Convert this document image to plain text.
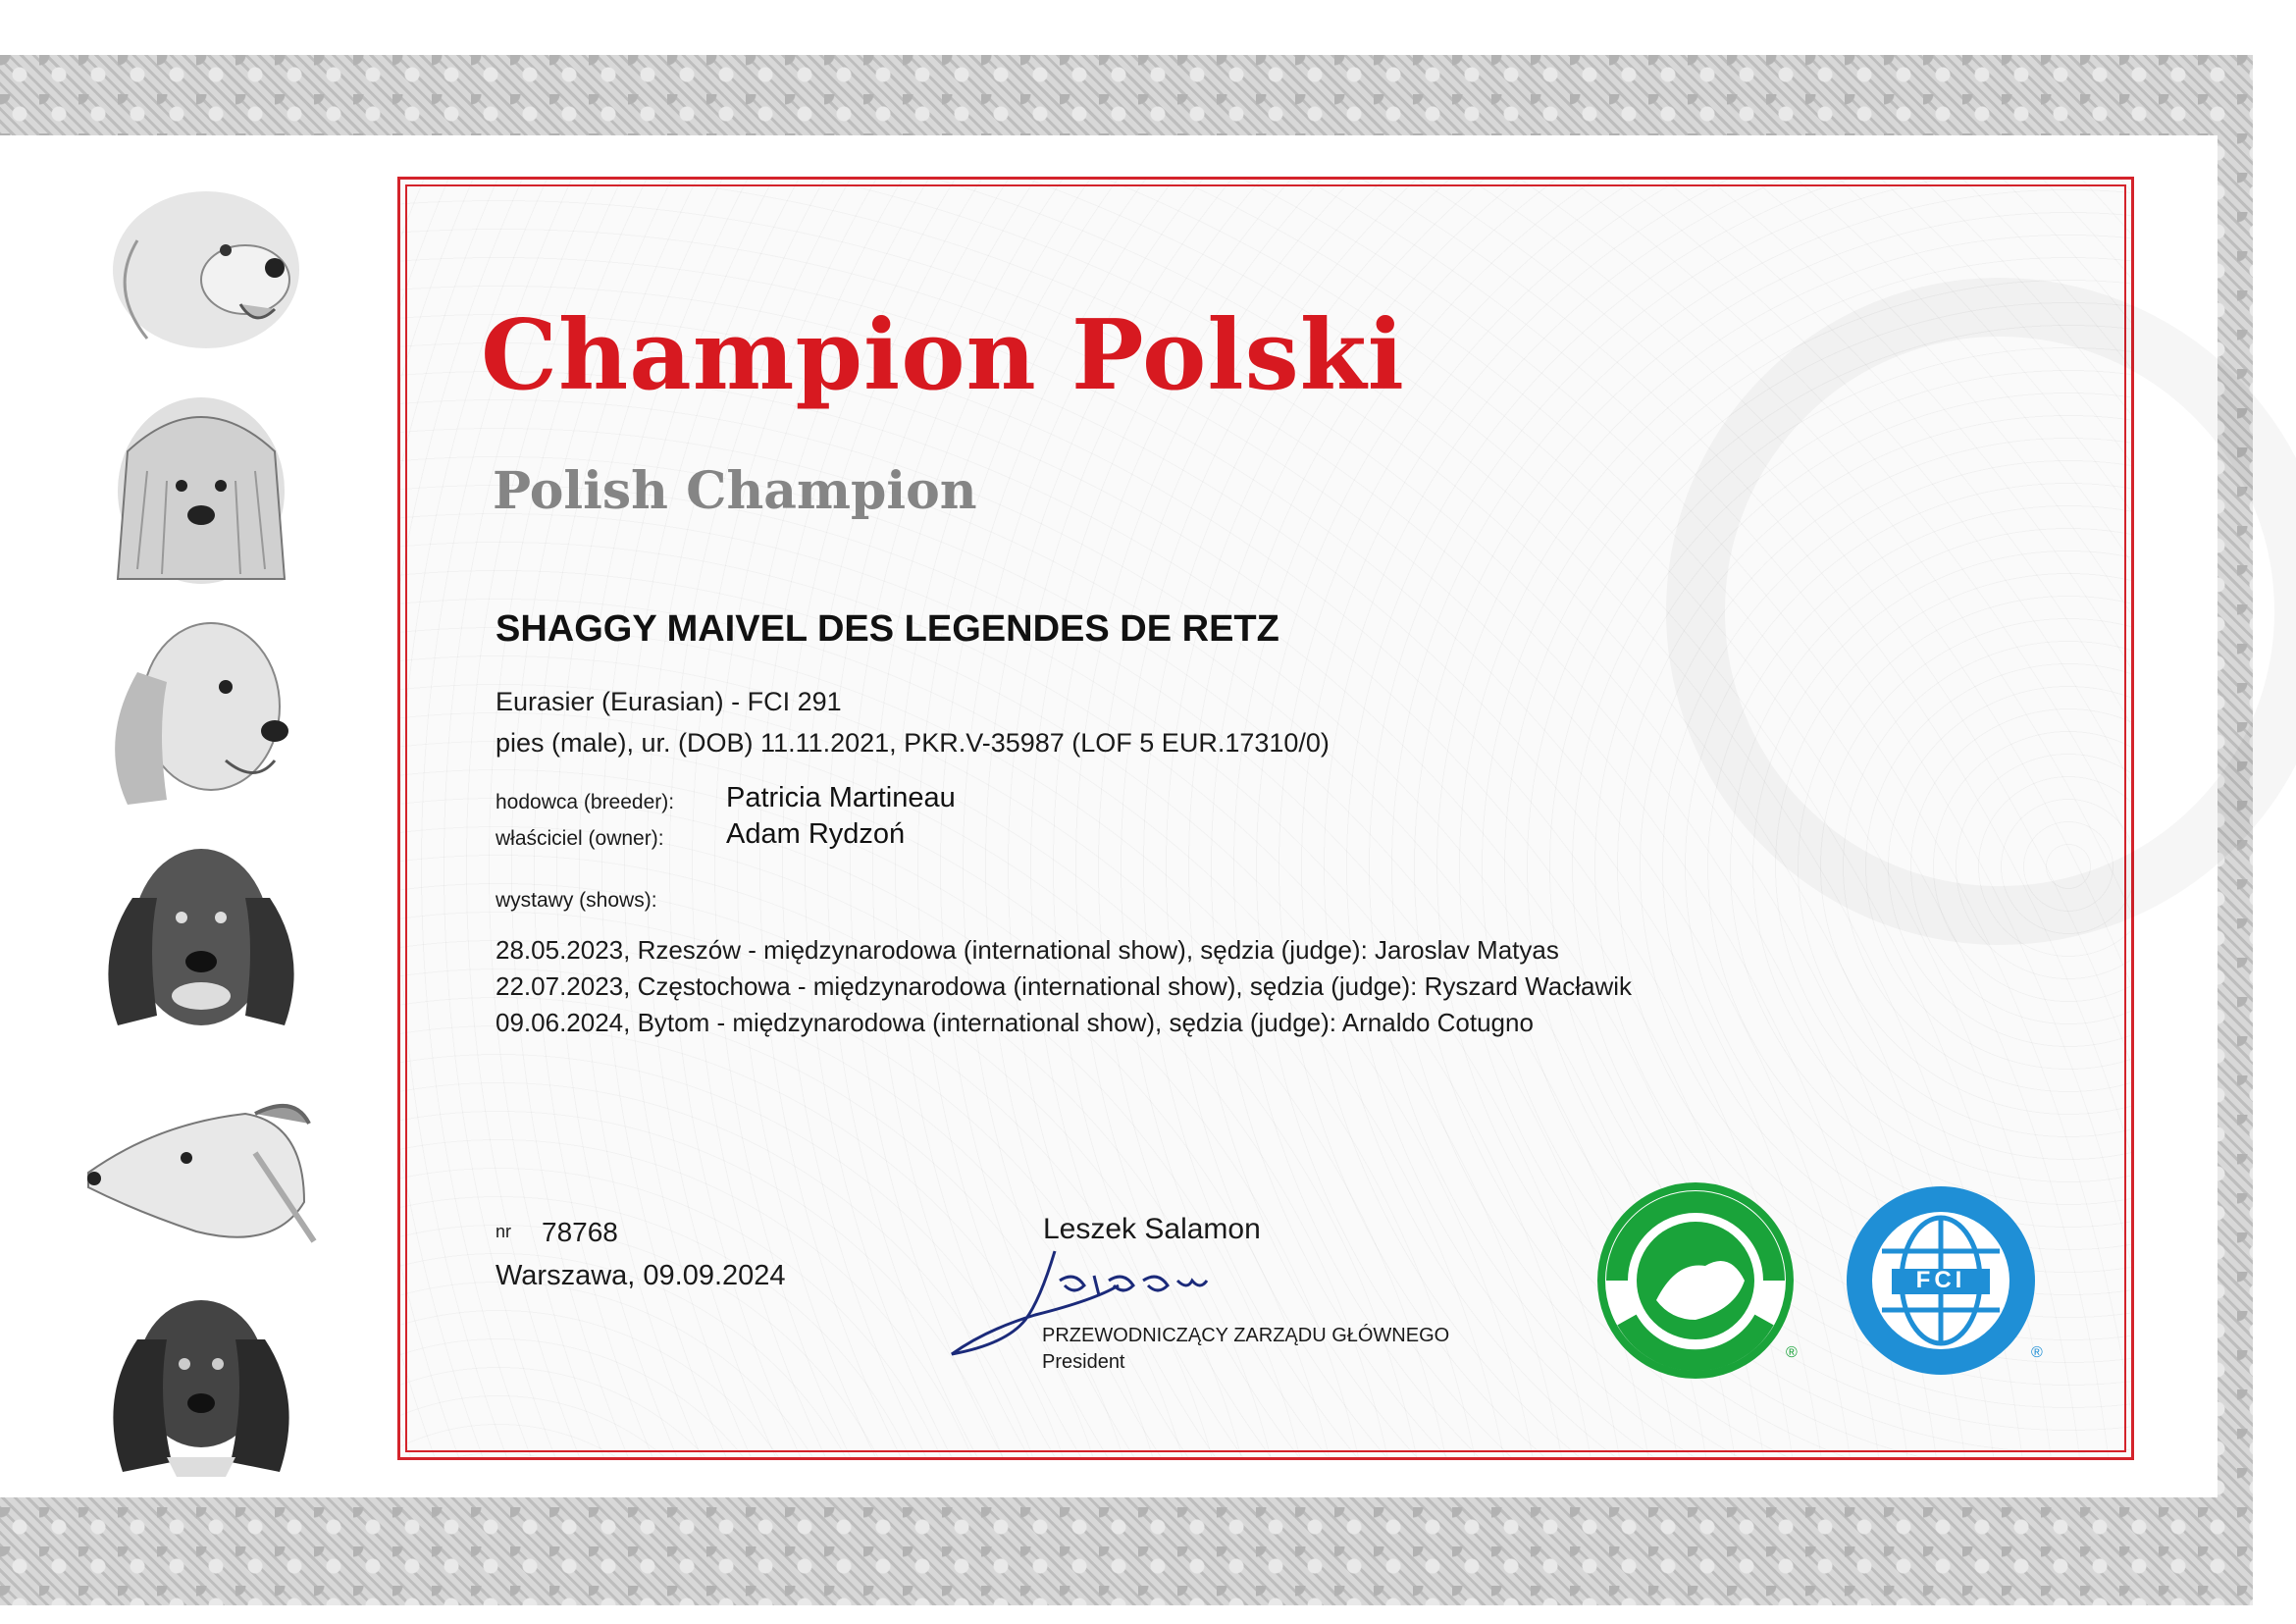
Champion Polski
Polish Champion
SHAGGY MAIVEL DES LEGENDES DE RETZ
Eurasier (Eurasian) - FCI 291
pies (male), ur. (DOB) 11.11.2021, PKR.V-35987 (LOF 5 EUR.17310/0)
hodowca (breeder): Patricia Martineau
właściciel (owner): Adam Rydzoń
wystawy (shows):
28.05.2023, Rzeszów - międzynarodowa (international show), sędzia (judge): Jaroslav Matyas
22.07.2023, Częstochowa - międzynarodowa (international show), sędzia (judge): Ryszard Wacławik
09.06.2024, Bytom - międzynarodowa (international show), sędzia (judge): Arnaldo Cotugno
nr 78768
Warszawa, 09.09.2024
Leszek Salamon
PRZEWODNICZĄCY ZARZĄDU GŁÓWNEGO
President	®
FCI
®
